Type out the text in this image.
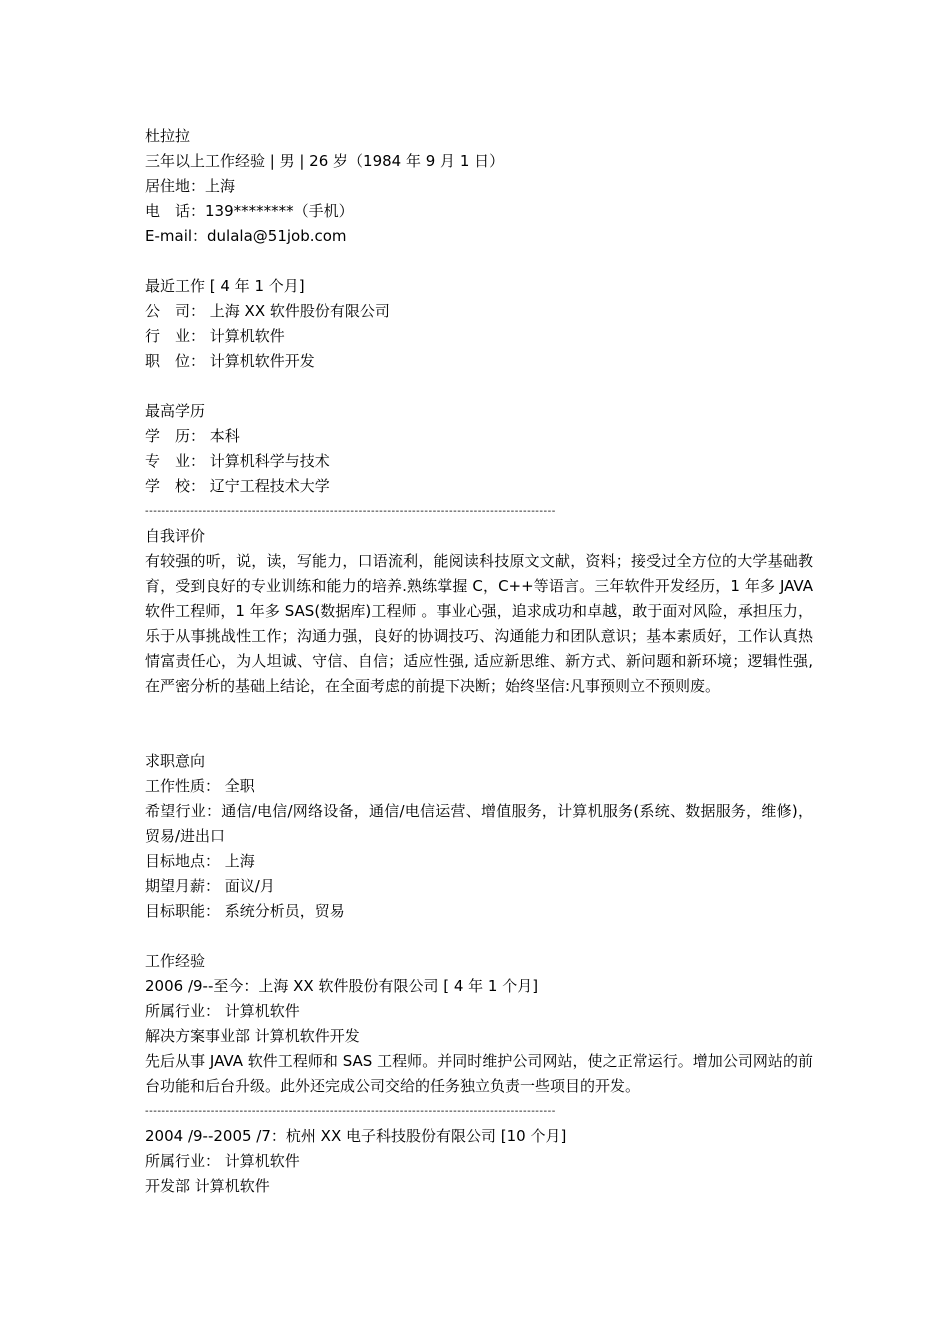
杜拉拉
三年以上工作经验 | 男 | 26 岁（1984 年 9 月 1 日）
居住地：上海
电　话：139********（手机）
E-mail：dulala@51job.com
最近工作 [ 4 年 1 个月]
公　司： 上海 XX 软件股份有限公司
行　业： 计算机软件
职　位： 计算机软件开发
最高学历
学　历： 本科
专　业： 计算机科学与技术
学　校： 辽宁工程技术大学
----------------------------------------------------------------------------------------------------
自我评价
有较强的听，说，读，写能力，口语流利，能阅读科技原文文献，资料；接受过全方位的大学基础教育，受到良好的专业训练和能力的培养.熟练掌握 C，C++等语言。三年软件开发经历，1 年多 JAVA 软件工程师，1 年多 SAS(数据库)工程师 。事业心强，追求成功和卓越，敢于面对风险，承担压力，乐于从事挑战性工作；沟通力强，良好的协调技巧、沟通能力和团队意识；基本素质好，工作认真热情富责任心，为人坦诚、守信、自信；适应性强, 适应新思维、新方式、新问题和新环境；逻辑性强, 在严密分析的基础上结论，在全面考虑的前提下决断；始终坚信:凡事预则立不预则废。
求职意向
工作性质： 全职
希望行业：通信/电信/网络设备，通信/电信运营、增值服务，计算机服务(系统、数据服务，维修)，贸易/进出口
目标地点： 上海
期望月薪： 面议/月
目标职能： 系统分析员，贸易
工作经验
2006 /9--至今：上海 XX 软件股份有限公司 [ 4 年 1 个月]
所属行业： 计算机软件
解决方案事业部 计算机软件开发
先后从事 JAVA 软件工程师和 SAS 工程师。并同时维护公司网站，使之正常运行。增加公司网站的前台功能和后台升级。此外还完成公司交给的任务独立负责一些项目的开发。
----------------------------------------------------------------------------------------------------
2004 /9--2005 /7：杭州 XX 电子科技股份有限公司 [10 个月]
所属行业： 计算机软件
开发部 计算机软件
